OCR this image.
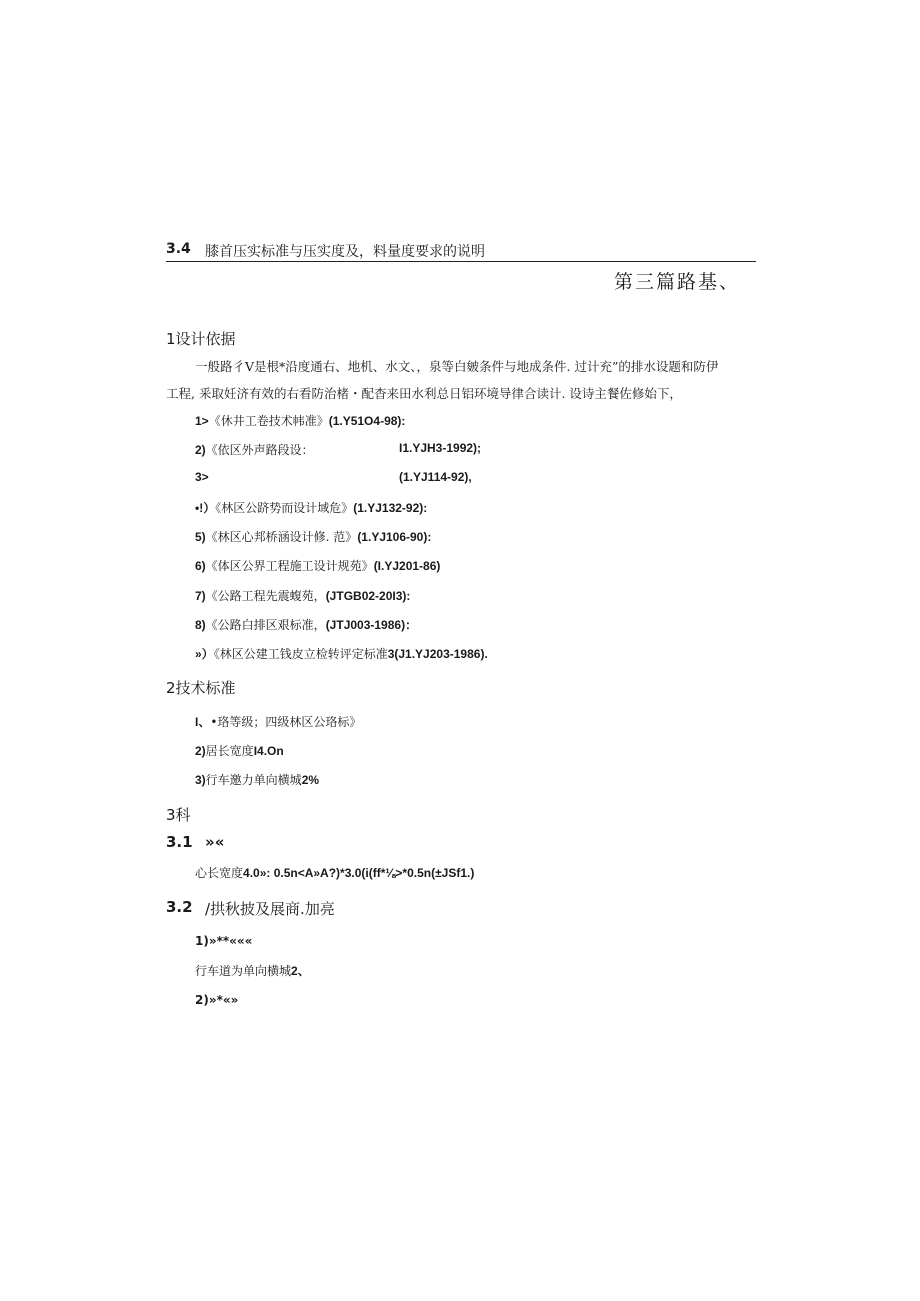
3.4 膝首压实标准与压实度及，料量度要求的说明
第三篇路基、
1设计依据
一般路彳V是根*沿度通右、地机、水文、，泉等白皴条件与地成条件. 过计充”的排水设题和防伊
工程, 釆取妊济有效的右看防治楮・配杳来田水利总日铝环境导律合读计. 设诗主餐佐修始下，
1>《休井工卷技术帏准》(1.Y51O4-98):
2)《依区外声路段设：	I1.YJH3-1992);
3>	(1.YJ114-92),
•!）《林区公跻势而设计域危》(1.YJ132-92):
5)《林区心邦桥涵设计修. 范》(1.YJ106-90):
6)《体区公界工程施工设计规苑》(I.YJ201-86)
7)《公路工程先震蝮苑，(JTGB02-20I3):
8)《公路白排区艰标准，(JTJ003-1986)：
»）《林区公建工钱皮立检转评定标准3(J1.YJ203-1986).
2技术标准
I、•珞等级；四级林区公珞标》
2)居长宽度I4.On
3)行车邀力单向横城2%
3科
3.1 »«
心长宽度4.0»: 0.5n<A»A?)*3.0(i(ff*⅛>*0.5n(±JSf1.)
3.2 /拱秋披及展商.加亮
1)»**«««
行车道为单向横城2、
2)»*«»
